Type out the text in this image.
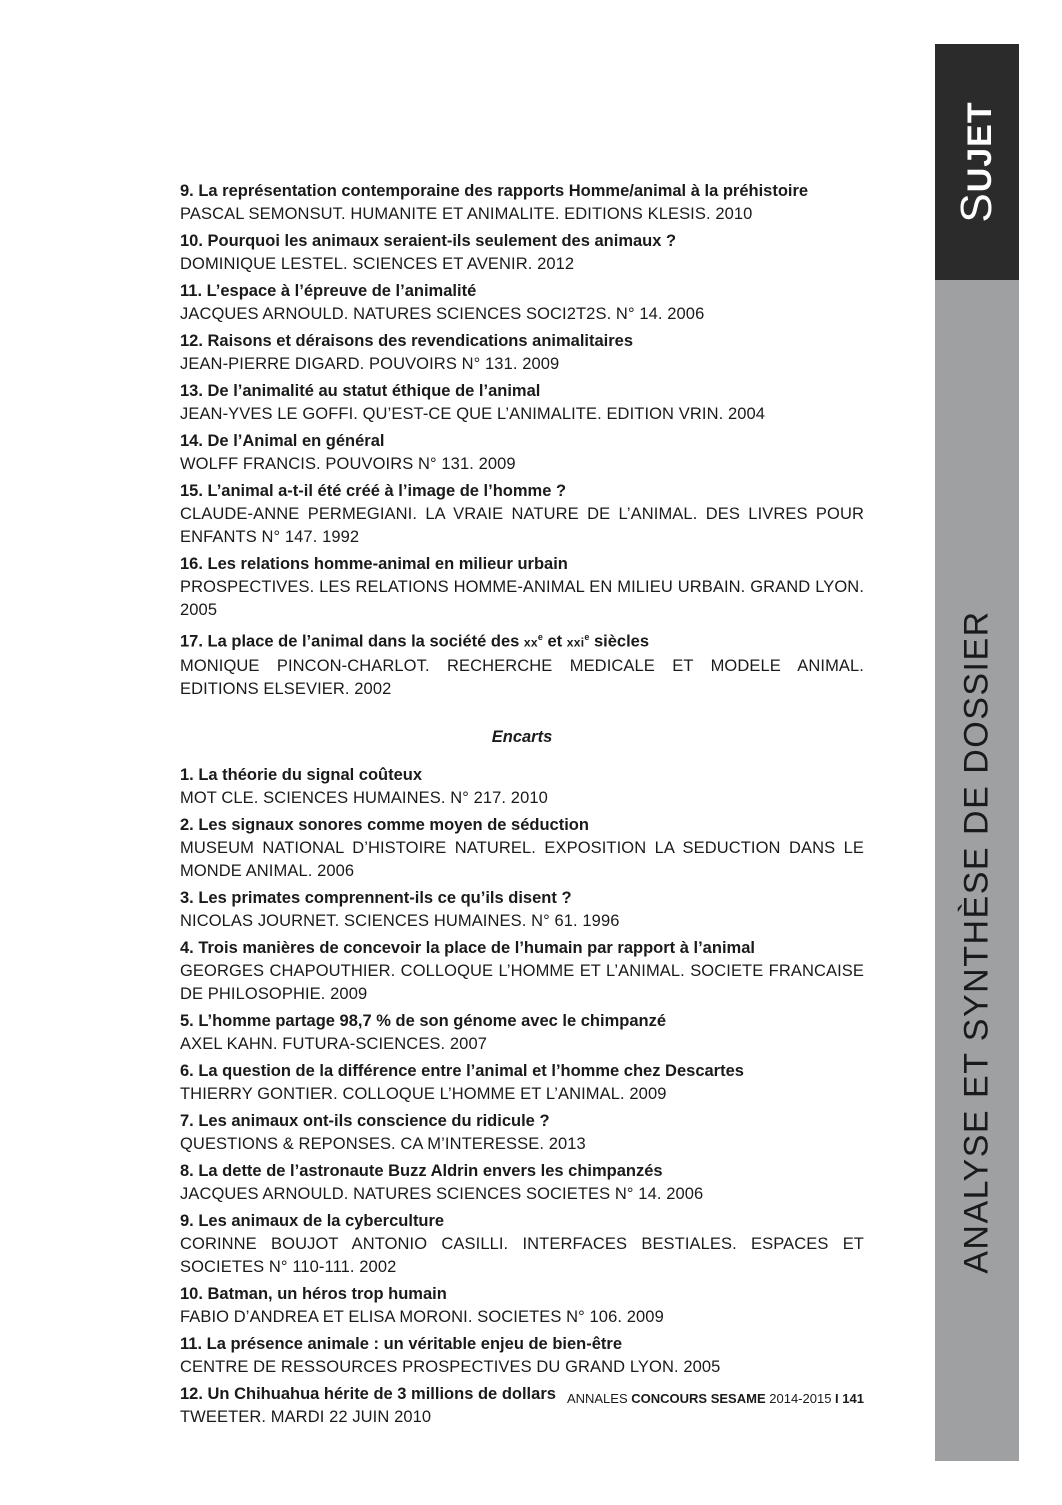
9. La représentation contemporaine des rapports Homme/animal à la préhistoire
PASCAL SEMONSUT. HUMANITE ET ANIMALITE. EDITIONS KLESIS. 2010
10. Pourquoi les animaux seraient-ils seulement des animaux ?
DOMINIQUE LESTEL. SCIENCES ET AVENIR. 2012
11. L’espace à l’épreuve de l’animalité
JACQUES ARNOULD. NATURES SCIENCES SOCI2T2S. N° 14. 2006
12. Raisons et déraisons des revendications animalitaires
JEAN-PIERRE DIGARD. POUVOIRS N° 131. 2009
13. De l’animalité au statut éthique de l’animal
JEAN-YVES LE GOFFI. QU’EST-CE QUE L’ANIMALITE. EDITION VRIN. 2004
14. De l’Animal en général
WOLFF FRANCIS. POUVOIRS N° 131. 2009
15. L’animal a-t-il été créé à l’image de l’homme ?
CLAUDE-ANNE PERMEGIANI. LA VRAIE NATURE DE L’ANIMAL. DES LIVRES POUR ENFANTS N° 147. 1992
16. Les relations homme-animal en milieur urbain
PROSPECTIVES. LES RELATIONS HOMME-ANIMAL EN MILIEU URBAIN. GRAND LYON. 2005
17. La place de l’animal dans la société des $xx^e$ et xxi$^e$ siècles
MONIQUE PINCON-CHARLOT. RECHERCHE MEDICALE ET MODELE ANIMAL. EDITIONS ELSEVIER. 2002
Encarts
1. La théorie du signal coûteux
MOT CLE. SCIENCES HUMAINES. N° 217. 2010
2. Les signaux sonores comme moyen de séduction
MUSEUM NATIONAL D’HISTOIRE NATUREL. EXPOSITION LA SEDUCTION DANS LE MONDE ANIMAL. 2006
3. Les primates comprennent-ils ce qu’ils disent ?
NICOLAS JOURNET. SCIENCES HUMAINES. N° 61. 1996
4. Trois manières de concevoir la place de l’humain par rapport à l’animal
GEORGES CHAPOUTHIER. COLLOQUE L’HOMME ET L’ANIMAL. SOCIETE FRANCAISE DE PHILOSOPHIE. 2009
5. L’homme partage 98,7 % de son génome avec le chimpanzé
AXEL KAHN. FUTURA-SCIENCES. 2007
6. La question de la différence entre l’animal et l’homme chez Descartes
THIERRY GONTIER. COLLOQUE L’HOMME ET L’ANIMAL. 2009
7. Les animaux ont-ils conscience du ridicule ?
QUESTIONS & REPONSES. CA M’INTERESSE. 2013
8. La dette de l’astronaute Buzz Aldrin envers les chimpanzés
JACQUES ARNOULD. NATURES SCIENCES SOCIETES N° 14. 2006
9. Les animaux de la cyberculture
CORINNE BOUJOT ANTONIO CASILLI. INTERFACES BESTIALES. ESPACES ET SOCIETES N° 110-111. 2002
10. Batman, un héros trop humain
FABIO D’ANDREA ET ELISA MORONI. SOCIETES N° 106. 2009
11. La présence animale : un véritable enjeu de bien-être
CENTRE DE RESSOURCES PROSPECTIVES DU GRAND LYON. 2005
12. Un Chihuahua hérite de 3 millions de dollars
TWEETER. MARDI 22 JUIN 2010
ANNALES CONCOURS SESAME 2014-2015 I 141
SUJET
ANALYSE ET SYNTHÈSE DE DOSSIER
